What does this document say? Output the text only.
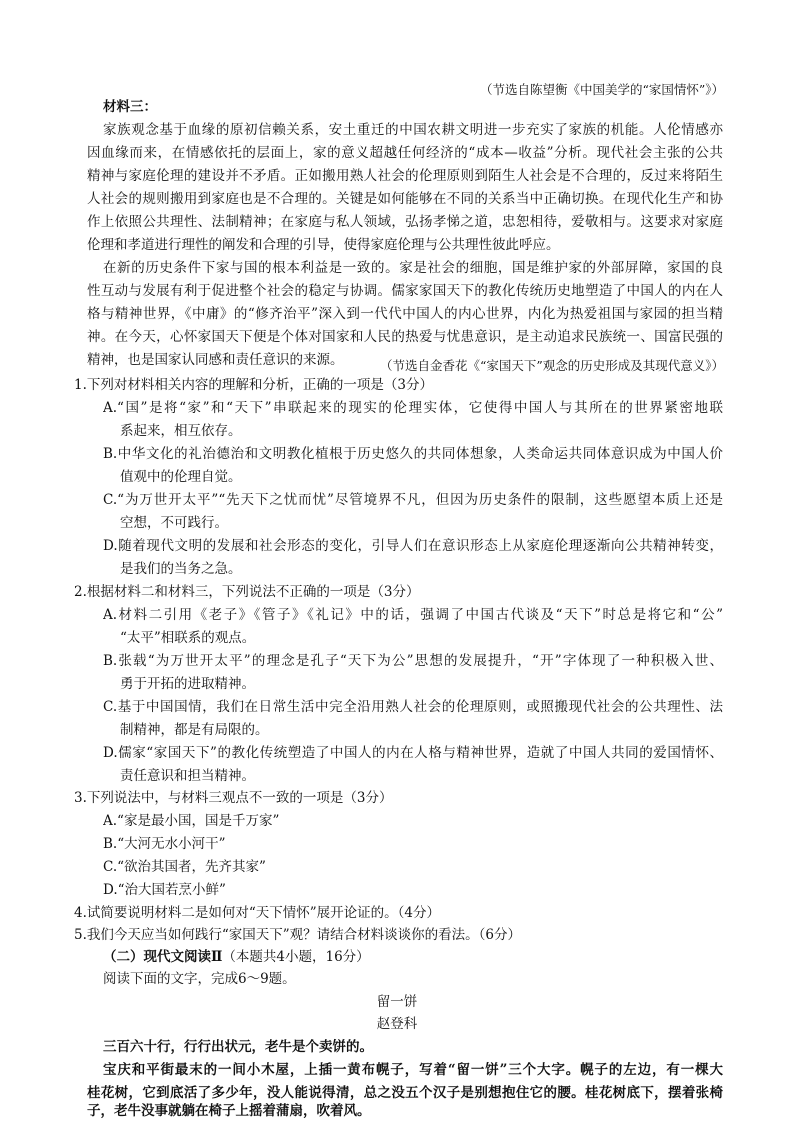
（节选自陈望衡《中国美学的“家国情怀”》）
材料三：
家族观念基于血缘的原初信赖关系，安土重迁的中国农耕文明进一步充实了家族的机能。人伦情感亦
因血缘而来，在情感依托的层面上，家的意义超越任何经济的“成本—收益”分析。现代社会主张的公共
精神与家庭伦理的建设并不矛盾。正如搬用熟人社会的伦理原则到陌生人社会是不合理的，反过来将陌生
人社会的规则搬用到家庭也是不合理的。关键是如何能够在不同的关系当中正确切换。在现代化生产和协
作上依照公共理性、法制精神；在家庭与私人领域，弘扬孝悌之道，忠恕相待，爱敬相与。这要求对家庭
伦理和孝道进行理性的阐发和合理的引导，使得家庭伦理与公共理性彼此呼应。
在新的历史条件下家与国的根本利益是一致的。家是社会的细胞，国是维护家的外部屏障，家国的良
性互动与发展有利于促进整个社会的稳定与协调。儒家家国天下的教化传统历史地塑造了中国人的内在人
格与精神世界，《中庸》的“修齐治平”深入到一代代中国人的内心世界，内化为热爱祖国与家园的担当精
神。在今天，心怀家国天下便是个体对国家和人民的热爱与忧患意识，是主动追求民族统一、国富民强的
精神，也是国家认同感和责任意识的来源。	（节选自金香花《“家国天下”观念的历史形成及其现代意义》）
1.下列对材料相关内容的理解和分析，正确的一项是（3分）
A.“国”是将“家”和“天下”串联起来的现实的伦理实体，它使得中国人与其所在的世界紧密地联
系起来，相互依存。
B.中华文化的礼治德治和文明教化植根于历史悠久的共同体想象，人类命运共同体意识成为中国人价
值观中的伦理自觉。
C.“为万世开太平”“先天下之忧而忧”尽管境界不凡，但因为历史条件的限制，这些愿望本质上还是
空想，不可践行。
D.随着现代文明的发展和社会形态的变化，引导人们在意识形态上从家庭伦理逐渐向公共精神转变，
是我们的当务之急。
2.根据材料二和材料三，下列说法不正确的一项是（3分）
A.材料二引用《老子》《管子》《礼记》中的话，强调了中国古代谈及“天下”时总是将它和“公”
“太平”相联系的观点。
B.张载“为万世开太平”的理念是孔子“天下为公”思想的发展提升，“开”字体现了一种积极入世、
勇于开拓的进取精神。
C.基于中国国情，我们在日常生活中完全沿用熟人社会的伦理原则，或照搬现代社会的公共理性、法
制精神，都是有局限的。
D.儒家“家国天下”的教化传统塑造了中国人的内在人格与精神世界，造就了中国人共同的爱国情怀、
责任意识和担当精神。
3.下列说法中，与材料三观点不一致的一项是（3分）
A.“家是最小国，国是千万家”
B.“大河无水小河干”
C.“欲治其国者，先齐其家”
D.“治大国若烹小鲜”
4.试简要说明材料二是如何对“天下情怀”展开论证的。（4分）
5.我们今天应当如何践行“家国天下”观？请结合材料谈谈你的看法。（6分）
（二）现代文阅读Ⅱ（本题共4小题，16分）
阅读下面的文字，完成6～9题。
留一饼
赵登科
三百六十行，行行出状元，老牛是个卖饼的。
宝庆和平街最末的一间小木屋，上插一黄布幌子，写着“留一饼”三个大字。幌子的左边，有一棵大
桂花树，它到底活了多少年，没人能说得清，总之没五个汉子是别想抱住它的腰。桂花树底下，摆着张椅
子，老牛没事就躺在椅子上摇着蒲扇，吹着风。
